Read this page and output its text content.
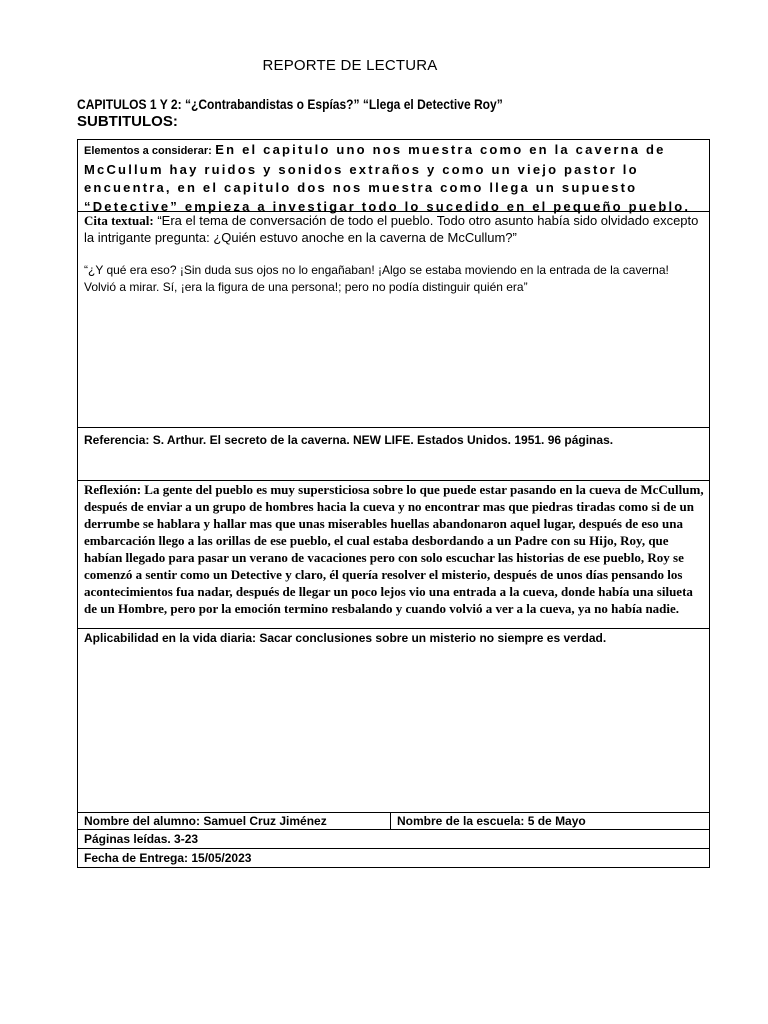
REPORTE DE LECTURA
CAPITULOS 1 Y 2: “¿Contrabandistas o Espías?” “Llega el Detective Roy”
SUBTITULOS:
Elementos a considerar: En el capitulo uno nos muestra como en la caverna de McCullum hay ruidos y sonidos extraños y como un viejo pastor lo encuentra, en el capitulo dos nos muestra como llega un supuesto “Detective” empieza a investigar todo lo sucedido en el pequeño pueblo.
Cita textual: “Era el tema de conversación de todo el pueblo. Todo otro asunto había sido olvidado excepto la intrigante pregunta: ¿Quién estuvo anoche en la caverna de McCullum?”
“¿Y qué era eso? ¡Sin duda sus ojos no lo engañaban! ¡Algo se estaba moviendo en la entrada de la caverna! Volvió a mirar. Sí, ¡era la figura de una persona!; pero no podía distinguir quién era”
Referencia: S. Arthur. El secreto de la caverna. NEW LIFE. Estados Unidos. 1951. 96 páginas.
Reflexión: La gente del pueblo es muy supersticiosa sobre lo que puede estar pasando en la cueva de McCullum, después de enviar a un grupo de hombres hacia la cueva y no encontrar mas que piedras tiradas como si de un derrumbe se hablara y hallar mas que unas miserables huellas abandonaron aquel lugar, después de eso una embarcación llego a las orillas de ese pueblo, el cual estaba desbordando a un Padre con su Hijo, Roy, que habían llegado para pasar un verano de vacaciones pero con solo escuchar las historias de ese pueblo, Roy se comenzó a sentir como un Detective y claro, él quería resolver el misterio, después de unos días pensando los acontecimientos fua nadar, después de llegar un poco lejos vio una entrada a la cueva, donde había una silueta de un Hombre, pero por la emoción termino resbalando y cuando volvió a ver a la cueva, ya no había nadie.
Aplicabilidad en la vida diaria: Sacar conclusiones sobre un misterio no siempre es verdad.
Nombre del alumno: Samuel Cruz Jiménez	Nombre de la escuela: 5 de Mayo
Páginas leídas. 3-23
Fecha de Entrega: 15/05/2023
